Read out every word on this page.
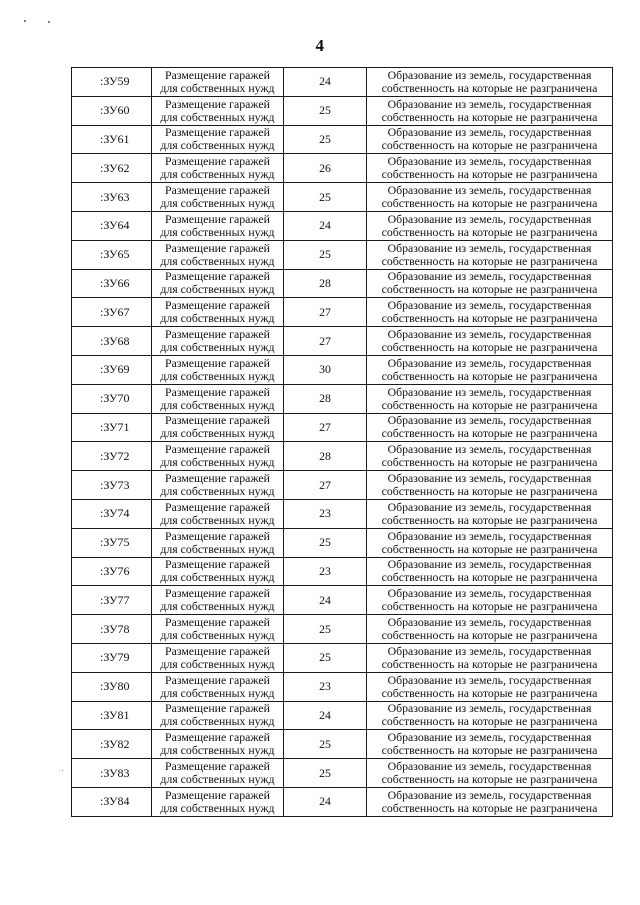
4
:ЗУ59	Размещение гаражей
для собственных нужд	24	Образование из земель, государственная
собственность на которые не разграничена

:ЗУ60	Размещение гаражей
для собственных нужд	25	Образование из земель, государственная
собственность на которые не разграничена

:ЗУ61	Размещение гаражей
для собственных нужд	25	Образование из земель, государственная
собственность на которые не разграничена

:ЗУ62	Размещение гаражей
для собственных нужд	26	Образование из земель, государственная
собственность на которые не разграничена

:ЗУ63	Размещение гаражей
для собственных нужд	25	Образование из земель, государственная
собственность на которые не разграничена

:ЗУ64	Размещение гаражей
для собственных нужд	24	Образование из земель, государственная
собственность на которые не разграничена

:ЗУ65	Размещение гаражей
для собственных нужд	25	Образование из земель, государственная
собственность на которые не разграничена

:ЗУ66	Размещение гаражей
для собственных нужд	28	Образование из земель, государственная
собственность на которые не разграничена

:ЗУ67	Размещение гаражей
для собственных нужд	27	Образование из земель, государственная
собственность на которые не разграничена

:ЗУ68	Размещение гаражей
для собственных нужд	27	Образование из земель, государственная
собственность на которые не разграничена

:ЗУ69	Размещение гаражей
для собственных нужд	30	Образование из земель, государственная
собственность на которые не разграничена

:ЗУ70	Размещение гаражей
для собственных нужд	28	Образование из земель, государственная
собственность на которые не разграничена

:ЗУ71	Размещение гаражей
для собственных нужд	27	Образование из земель, государственная
собственность на которые не разграничена

:ЗУ72	Размещение гаражей
для собственных нужд	28	Образование из земель, государственная
собственность на которые не разграничена

:ЗУ73	Размещение гаражей
для собственных нужд	27	Образование из земель, государственная
собственность на которые не разграничена

:ЗУ74	Размещение гаражей
для собственных нужд	23	Образование из земель, государственная
собственность на которые не разграничена

:ЗУ75	Размещение гаражей
для собственных нужд	25	Образование из земель, государственная
собственность на которые не разграничена

:ЗУ76	Размещение гаражей
для собственных нужд	23	Образование из земель, государственная
собственность на которые не разграничена

:ЗУ77	Размещение гаражей
для собственных нужд	24	Образование из земель, государственная
собственность на которые не разграничена

:ЗУ78	Размещение гаражей
для собственных нужд	25	Образование из земель, государственная
собственность на которые не разграничена

:ЗУ79	Размещение гаражей
для собственных нужд	25	Образование из земель, государственная
собственность на которые не разграничена

:ЗУ80	Размещение гаражей
для собственных нужд	23	Образование из земель, государственная
собственность на которые не разграничена

:ЗУ81	Размещение гаражей
для собственных нужд	24	Образование из земель, государственная
собственность на которые не разграничена

:ЗУ82	Размещение гаражей
для собственных нужд	25	Образование из земель, государственная
собственность на которые не разграничена

:ЗУ83	Размещение гаражей
для собственных нужд	25	Образование из земель, государственная
собственность на которые не разграничена

:ЗУ84	Размещение гаражей
для собственных нужд	24	Образование из земель, государственная
собственность на которые не разграничена
